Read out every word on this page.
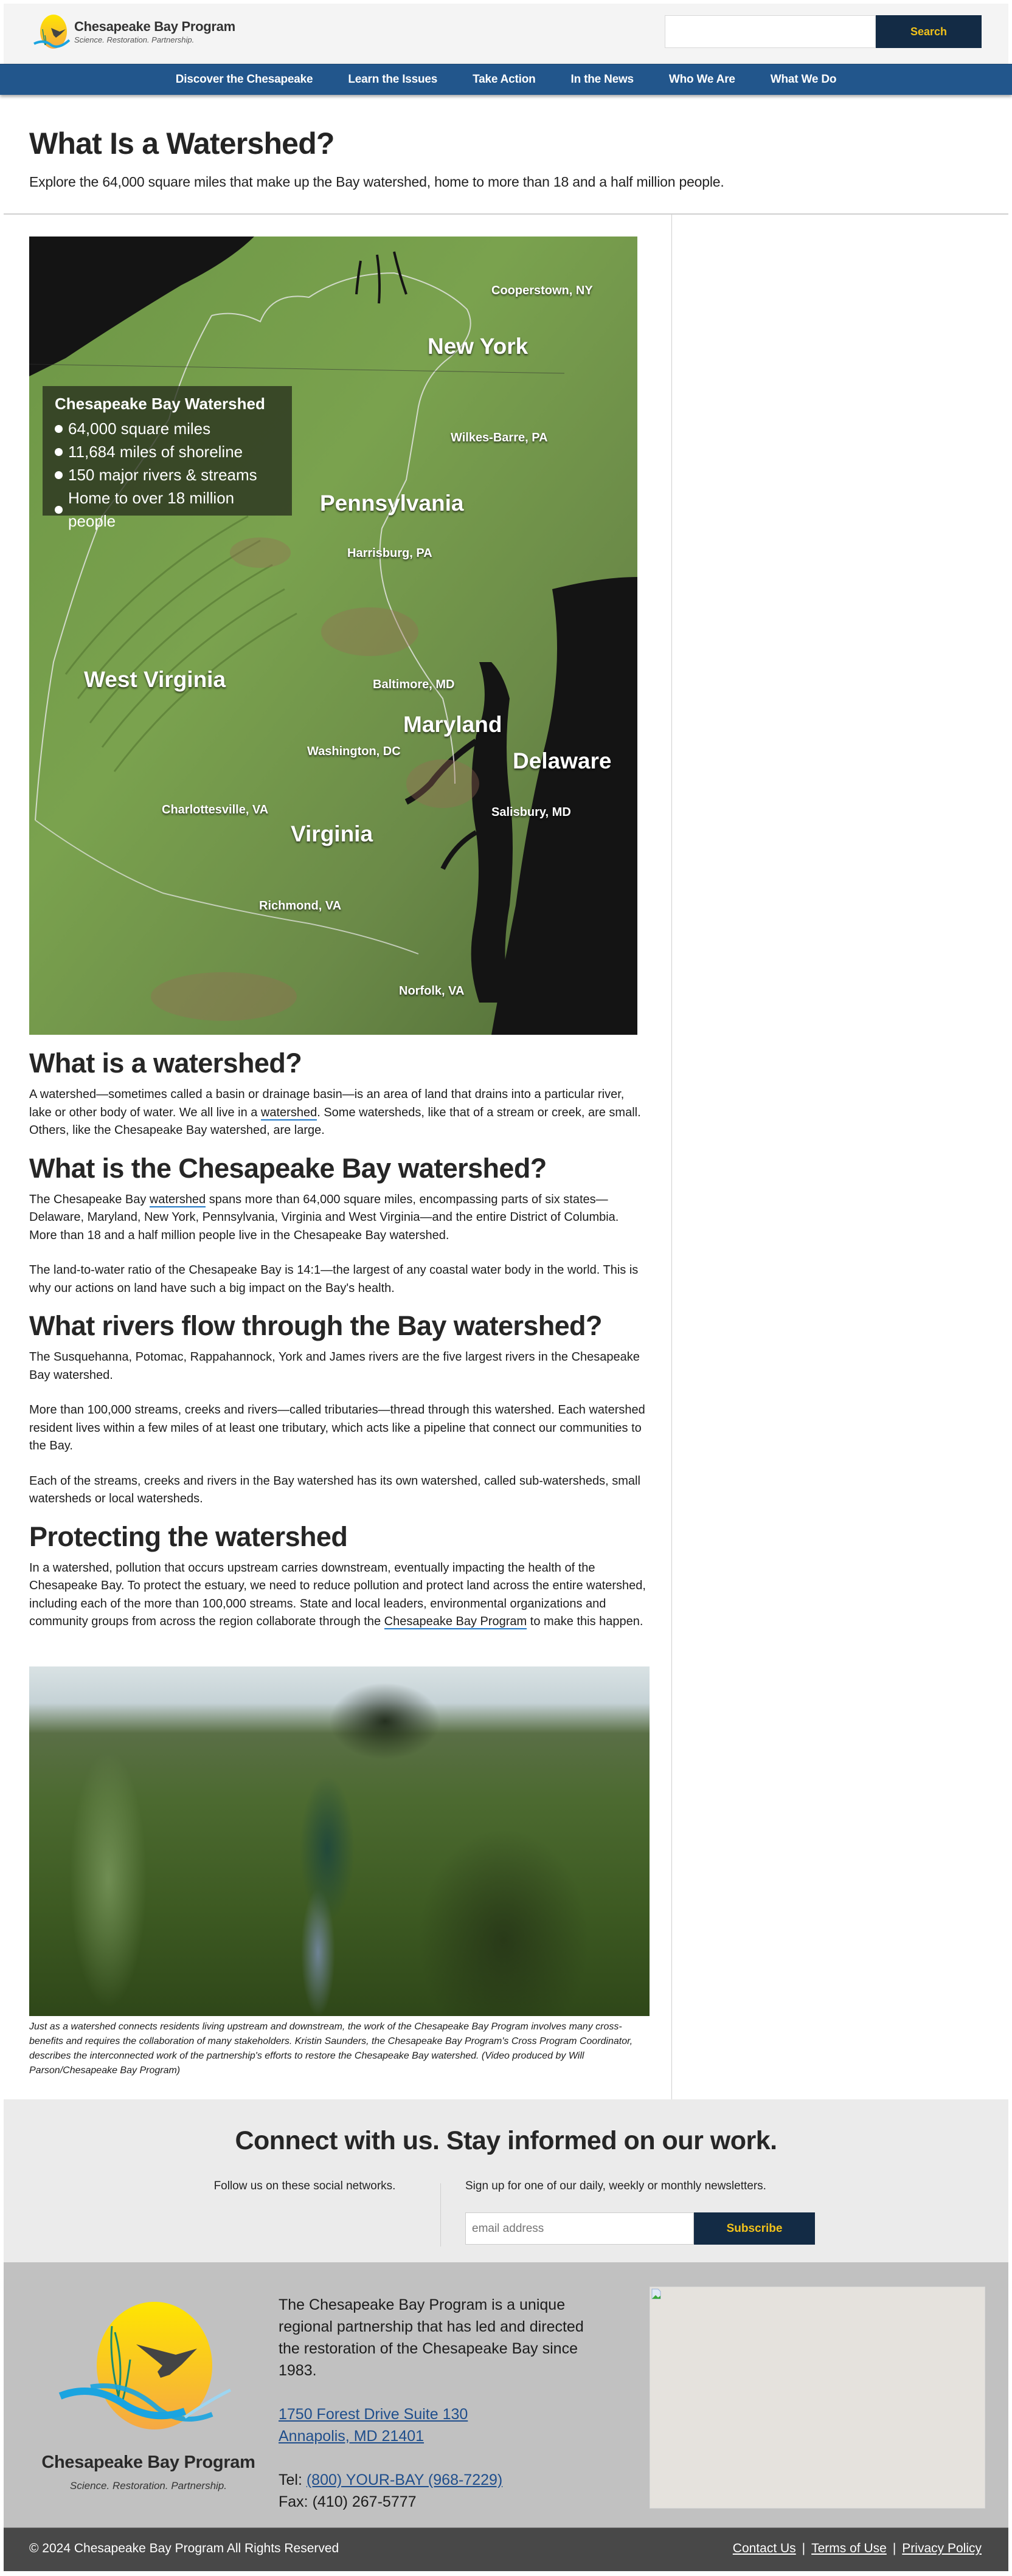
Chesapeake Bay Program
Science. Restoration. Partnership.
Search
Discover the Chesapeake	Learn the Issues	Take Action	In the News	Who We Are	What We Do
What Is a Watershed?

Explore the 64,000 square miles that make up the Bay watershed, home to more than 18 and a half million people.

Chesapeake Bay Watershed
64,000 square miles
11,684 miles of shoreline
150 major rivers & streams
Home to over 18 million people
New York
Pennsylvania
West Virginia
Maryland
Delaware
Virginia
Cooperstown, NY
Wilkes-Barre, PA
Harrisburg, PA
Baltimore, MD
Washington, DC
Charlottesville, VA	Salisbury, MD
Richmond, VA
Norfolk, VA
What is a watershed?

A watershed—sometimes called a basin or drainage basin—is an area of land that drains into a particular river, lake or other body of water. We all live in a watershed. Some watersheds, like that of a stream or creek, are small. Others, like the Chesapeake Bay watershed, are large.

What is the Chesapeake Bay watershed?

The Chesapeake Bay watershed spans more than 64,000 square miles, encompassing parts of six states—Delaware, Maryland, New York, Pennsylvania, Virginia and West Virginia—and the entire District of Columbia. More than 18 and a half million people live in the Chesapeake Bay watershed.

The land-to-water ratio of the Chesapeake Bay is 14:1—the largest of any coastal water body in the world. This is why our actions on land have such a big impact on the Bay's health.

What rivers flow through the Bay watershed?

The Susquehanna, Potomac, Rappahannock, York and James rivers are the five largest rivers in the Chesapeake Bay watershed.

More than 100,000 streams, creeks and rivers—called tributaries—thread through this watershed. Each watershed resident lives within a few miles of at least one tributary, which acts like a pipeline that connect our communities to the Bay.

Each of the streams, creeks and rivers in the Bay watershed has its own watershed, called sub-watersheds, small watersheds or local watersheds.

Protecting the watershed

In a watershed, pollution that occurs upstream carries downstream, eventually impacting the health of the Chesapeake Bay. To protect the estuary, we need to reduce pollution and protect land across the entire watershed, including each of the more than 100,000 streams. State and local leaders, environmental organizations and community groups from across the region collaborate through the Chesapeake Bay Program to make this happen.

Just as a watershed connects residents living upstream and downstream, the work of the Chesapeake Bay Program involves many cross-benefits and requires the collaboration of many stakeholders. Kristin Saunders, the Chesapeake Bay Program's Cross Program Coordinator, describes the interconnected work of the partnership's efforts to restore the Chesapeake Bay watershed. (Video produced by Will Parson/Chesapeake Bay Program)
Connect with us. Stay informed on our work.
Follow us on these social networks.	Sign up for one of our daily, weekly or monthly newsletters.
email address
Subscribe
Chesapeake Bay Program
Science. Restoration. Partnership.
The Chesapeake Bay Program is a unique regional partnership that has led and directed the restoration of the Chesapeake Bay since 1983.
1750 Forest Drive Suite 130
Annapolis, MD 21401
Tel: (800) YOUR-BAY (968-7229)
Fax: (410) 267-5777
© 2024 Chesapeake Bay Program All Rights Reserved	Contact Us | Terms of Use | Privacy Policy
